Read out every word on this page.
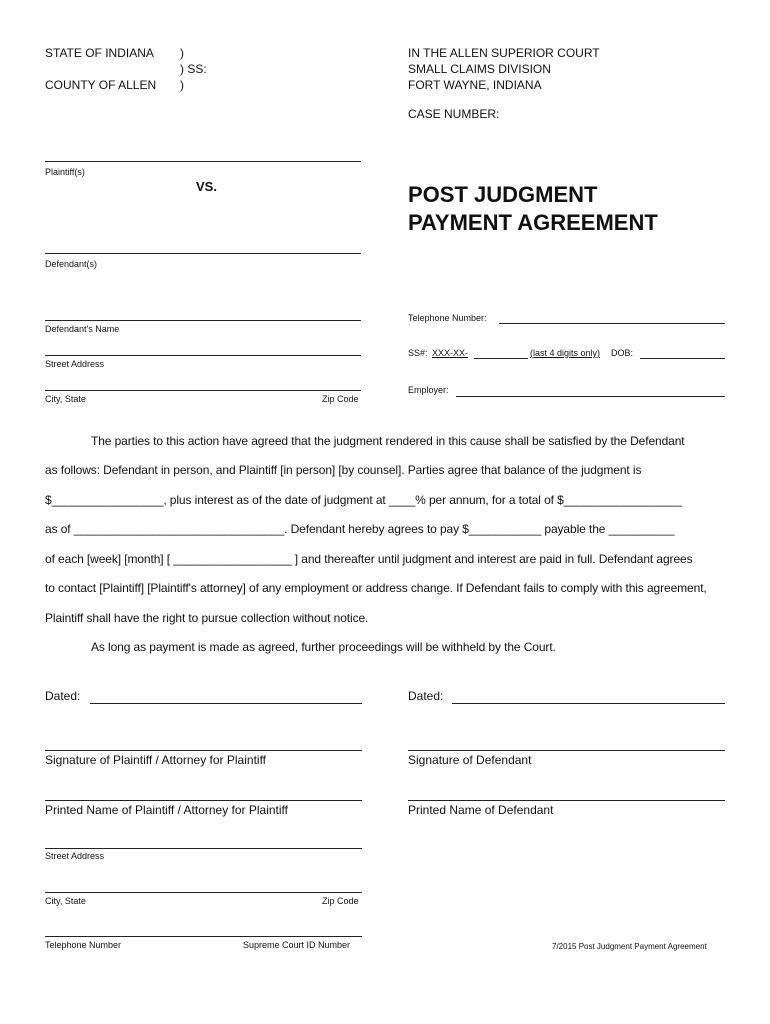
STATE OF INDIANA )
) SS:
COUNTY OF ALLEN )
IN THE ALLEN SUPERIOR COURT
SMALL CLAIMS DIVISION
FORT WAYNE, INDIANA
CASE NUMBER:
Plaintiff(s)
VS.
Defendant(s)
POST JUDGMENT
PAYMENT AGREEMENT
Defendant's Name
Street Address
City, State	Zip Code
Telephone Number:
SS#: XXX-XX-	(last 4 digits only) DOB:
Employer:
The parties to this action have agreed that the judgment rendered in this cause shall be satisfied by the Defendant
as follows: Defendant in person, and Plaintiff [in person] [by counsel]. Parties agree that balance of the judgment is
$_________________, plus interest as of the date of judgment at ____% per annum, for a total of $__________________
as of ________________________________. Defendant hereby agrees to pay $___________ payable the __________
of each [week] [month] [ __________________ ] and thereafter until judgment and interest are paid in full. Defendant agrees
to contact [Plaintiff] [Plaintiff's attorney] of any employment or address change. If Defendant fails to comply with this agreement,
Plaintiff shall have the right to pursue collection without notice.
As long as payment is made as agreed, further proceedings will be withheld by the Court.
Dated:	Dated:
Signature of Plaintiff / Attorney for Plaintiff	Signature of Defendant
Printed Name of Plaintiff / Attorney for Plaintiff	Printed Name of Defendant
Street Address
City, State	Zip Code
Telephone Number	Supreme Court ID Number	7/2015 Post Judgment Payment Agreement
